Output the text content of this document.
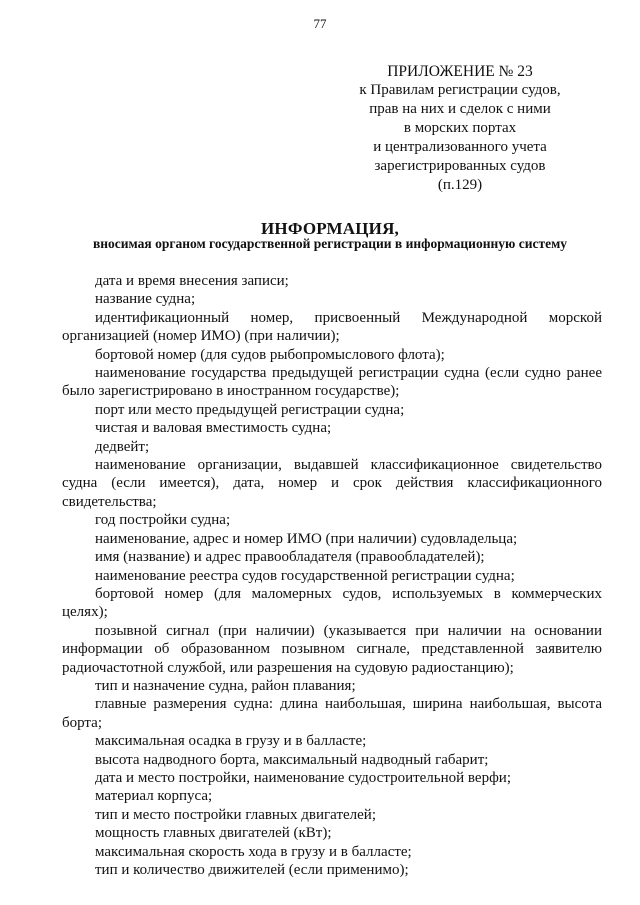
77
ПРИЛОЖЕНИЕ № 23
к Правилам регистрации судов,
прав на них и сделок с ними
в морских портах
и централизованного учета
зарегистрированных судов
(п.129)
ИНФОРМАЦИЯ,
вносимая органом государственной регистрации в информационную систему

дата и время внесения записи;

название судна;

идентификационный номер, присвоенный Международной морской организацией (номер ИМО) (при наличии);

бортовой номер (для судов рыбопромыслового флота);

наименование государства предыдущей регистрации судна (если судно ранее было зарегистрировано в иностранном государстве);

порт или место предыдущей регистрации судна;

чистая и валовая вместимость судна;

дедвейт;

наименование организации, выдавшей классификационное свидетельство судна (если имеется), дата, номер и срок действия классификационного свидетельства;

год постройки судна;

наименование, адрес и номер ИМО (при наличии) судовладельца;

имя (название) и адрес правообладателя (правообладателей);

наименование реестра судов государственной регистрации судна;

бортовой номер (для маломерных судов, используемых в коммерческих целях);

позывной сигнал (при наличии) (указывается при наличии на основании информации об образованном позывном сигнале, представленной заявителю радиочастотной службой, или разрешения на судовую радиостанцию);

тип и назначение судна, район плавания;

главные размерения судна: длина наибольшая, ширина наибольшая, высота борта;

максимальная осадка в грузу и в балласте;

высота надводного борта, максимальный надводный габарит;

дата и место постройки, наименование судостроительной верфи;

материал корпуса;

тип и место постройки главных двигателей;

мощность главных двигателей (кВт);

максимальная скорость хода в грузу и в балласте;

тип и количество движителей (если применимо);
